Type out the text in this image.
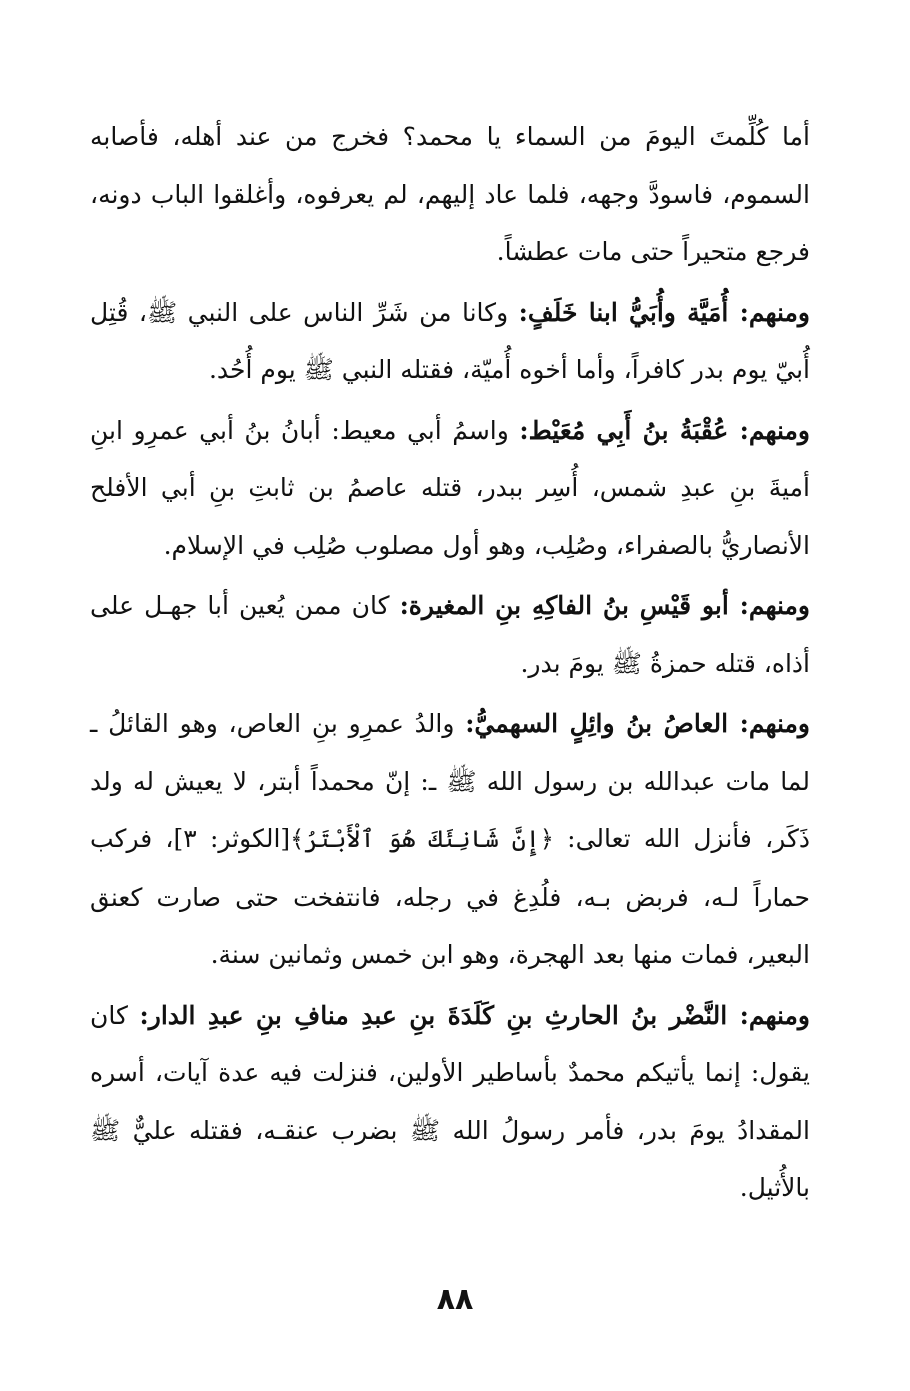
أما كُلِّمتَ اليومَ من السماء يا محمد؟ فخرج من عند أهله، فأصابه السموم، فاسودَّ وجهه، فلما عاد إليهم، لم يعرفوه، وأغلقوا الباب دونه، فرجع متحيراً حتى مات عطشاً.

ومنهم: أُمَيَّة وأُبَيُّ ابنا خَلَفٍ: وكانا من شَرِّ الناس على النبي ﷺ، قُتِل أُبيّ يوم بدر كافراً، وأما أخوه أُميّة، فقتله النبي ﷺ يوم أُحُد.

ومنهم: عُقْبَةُ بنُ أَبِي مُعَيْط: واسمُ أبي معيط: أبانُ بنُ أبي عمرِو ابنِ أميةَ بنِ عبدِ شمس، أُسِر ببدر، قتله عاصمُ بن ثابتِ بنِ أبي الأفلح الأنصاريُّ بالصفراء، وصُلِب، وهو أول مصلوب صُلِب في الإسلام.

ومنهم: أبو قَيْسِ بنُ الفاكِهِ بنِ المغيرة: كان ممن يُعين أبا جهـل على أذاه، قتله حمزةُ ﷺ يومَ بدر.

ومنهم: العاصُ بنُ وائِلٍ السهميُّ: والدُ عمرِو بنِ العاص، وهو القائلُ ـ لما مات عبدالله بن رسول الله ﷺ ـ: إنّ محمداً أبتر، لا يعيش له ولد ذَكَر، فأنزل الله تعالى: ﴿إِنَّ شَانِئَكَ هُوَ ٱلْأَبْتَرُ﴾[الكوثر: ٣]، فركب حماراً لـه، فربض بـه، فلُدِغ في رجله، فانتفخت حتى صارت كعنق البعير، فمات منها بعد الهجرة، وهو ابن خمس وثمانين سنة.

ومنهم: النَّضْر بنُ الحارثِ بنِ كَلَدَةَ بنِ عبدِ منافِ بنِ عبدِ الدار: كان يقول: إنما يأتيكم محمدٌ بأساطير الأولين، فنزلت فيه عدة آيات، أسره المقدادُ يومَ بدر، فأمر رسولُ الله ﷺ بضرب عنقـه، فقتله عليٌّ ﷺ بالأُثيل.

٨٨
